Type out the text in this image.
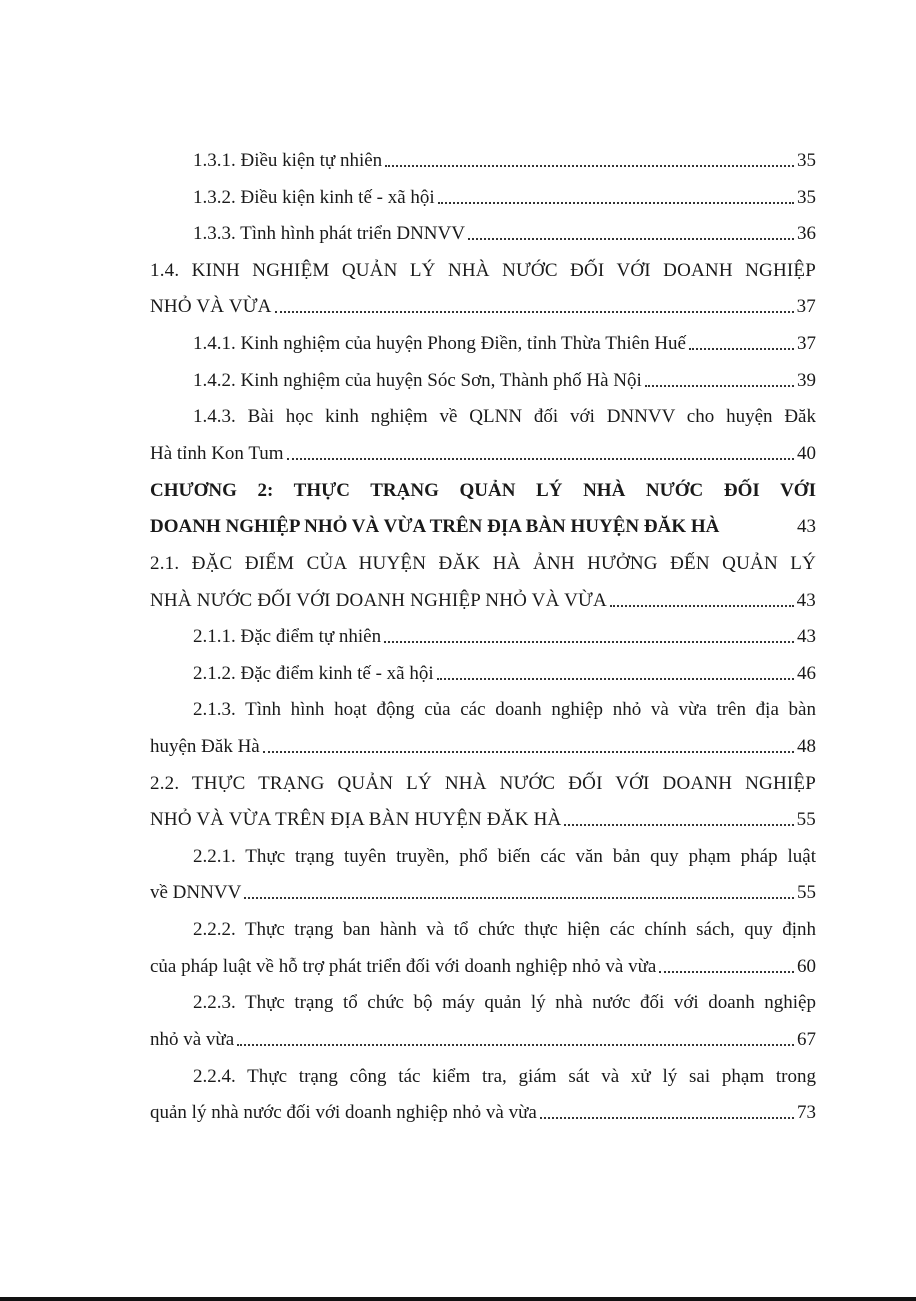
1.3.1. Điều kiện tự nhiên	35
1.3.2. Điều kiện kinh tế - xã hội	35
1.3.3. Tình hình phát triển DNNVV	36
1.4. KINH NGHIỆM QUẢN LÝ NHÀ NƯỚC ĐỐI VỚI DOANH NGHIỆP
NHỎ VÀ VỪA	37
1.4.1. Kinh nghiệm của huyện Phong Điền, tỉnh Thừa Thiên Huế	37
1.4.2. Kinh nghiệm của huyện Sóc Sơn, Thành phố Hà Nội	39
1.4.3. Bài học kinh nghiệm về QLNN đối với DNNVV cho huyện Đăk
Hà tỉnh Kon Tum	40
CHƯƠNG 2: THỰC TRẠNG QUẢN LÝ NHÀ NƯỚC ĐỐI VỚI
DOANH NGHIỆP NHỎ VÀ VỪA TRÊN ĐỊA BÀN HUYỆN ĐĂK HÀ	43
2.1. ĐẶC ĐIỂM CỦA HUYỆN ĐĂK HÀ ẢNH HƯỞNG ĐẾN QUẢN LÝ
NHÀ NƯỚC ĐỐI VỚI DOANH NGHIỆP NHỎ VÀ VỪA	43
2.1.1. Đặc điểm tự nhiên	43
2.1.2. Đặc điểm kinh tế - xã hội	46
2.1.3. Tình hình hoạt động của các doanh nghiệp nhỏ và vừa trên địa bàn
huyện Đăk Hà	48
2.2. THỰC TRẠNG QUẢN LÝ NHÀ NƯỚC ĐỐI VỚI DOANH NGHIỆP
NHỎ VÀ VỪA TRÊN ĐỊA BÀN HUYỆN ĐĂK HÀ	55
2.2.1. Thực trạng tuyên truyền, phổ biến các văn bản quy phạm pháp luật
về DNNVV	55
2.2.2. Thực trạng ban hành và tổ chức thực hiện các chính sách, quy định
của pháp luật về hỗ trợ phát triển đối với doanh nghiệp nhỏ và vừa	60
2.2.3. Thực trạng tổ chức bộ máy quản lý nhà nước đối với doanh nghiệp
nhỏ và vừa	67
2.2.4. Thực trạng công tác kiểm tra, giám sát và xử lý sai phạm trong
quản lý nhà nước đối với doanh nghiệp nhỏ và vừa	73
